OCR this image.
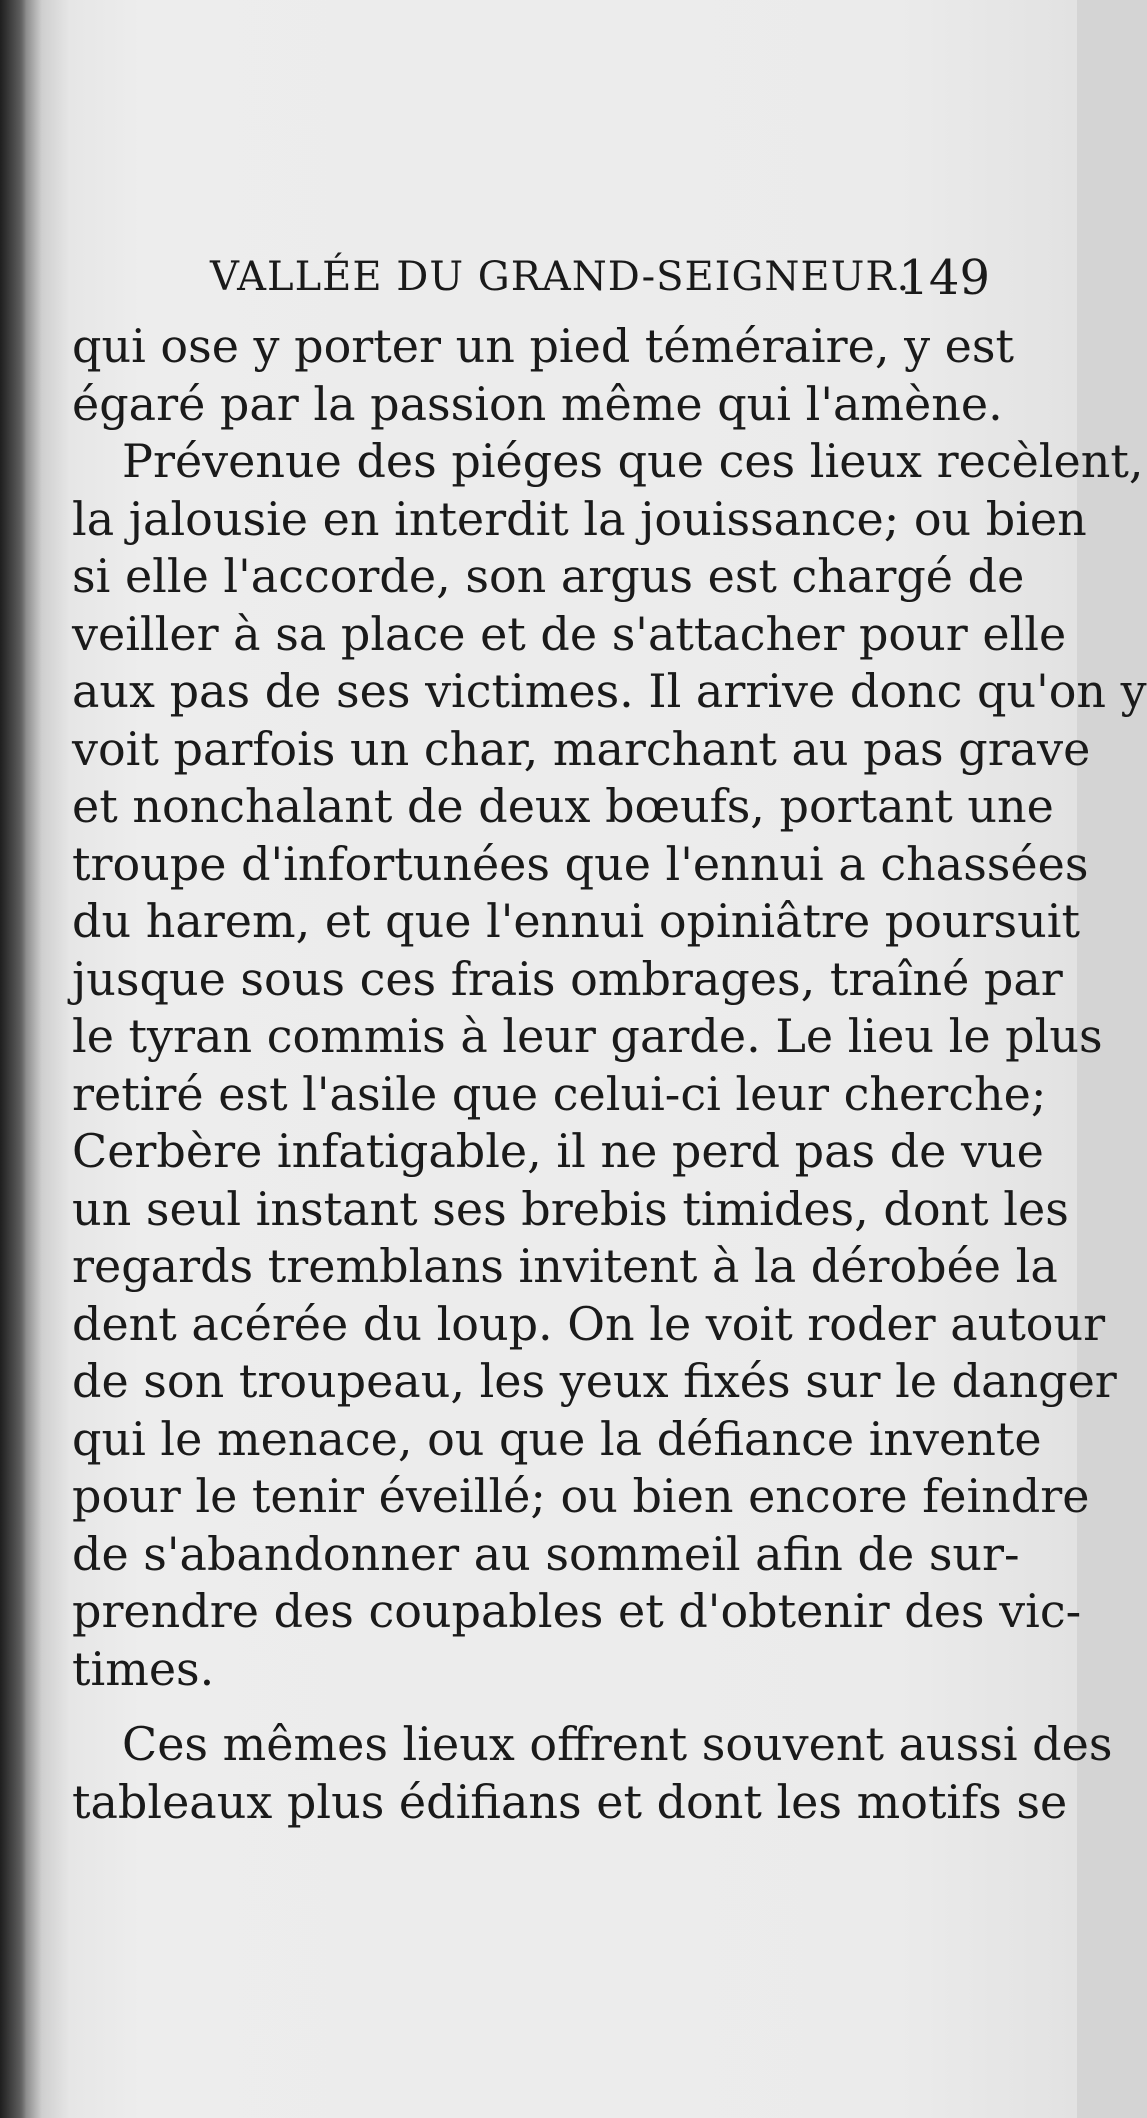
VALLÉE DU GRAND-SEIGNEUR.
149
qui ose y porter un pied téméraire, y est
égaré par la passion même qui l'amène.
Prévenue des piéges que ces lieux recèlent,
la jalousie en interdit la jouissance; ou bien
si elle l'accorde, son argus est chargé de
veiller à sa place et de s'attacher pour elle
aux pas de ses victimes. Il arrive donc qu'on y
voit parfois un char, marchant au pas grave
et nonchalant de deux bœufs, portant une
troupe d'infortunées que l'ennui a chassées
du harem, et que l'ennui opiniâtre poursuit
jusque sous ces frais ombrages, traîné par
le tyran commis à leur garde. Le lieu le plus
retiré est l'asile que celui-ci leur cherche;
Cerbère infatigable, il ne perd pas de vue
un seul instant ses brebis timides, dont les
regards tremblans invitent à la dérobée la
dent acérée du loup. On le voit roder autour
de son troupeau, les yeux fixés sur le danger
qui le menace, ou que la défiance invente
pour le tenir éveillé; ou bien encore feindre
de s'abandonner au sommeil afin de sur-
prendre des coupables et d'obtenir des vic-
times.
Ces mêmes lieux offrent souvent aussi des
tableaux plus édifians et dont les motifs se
